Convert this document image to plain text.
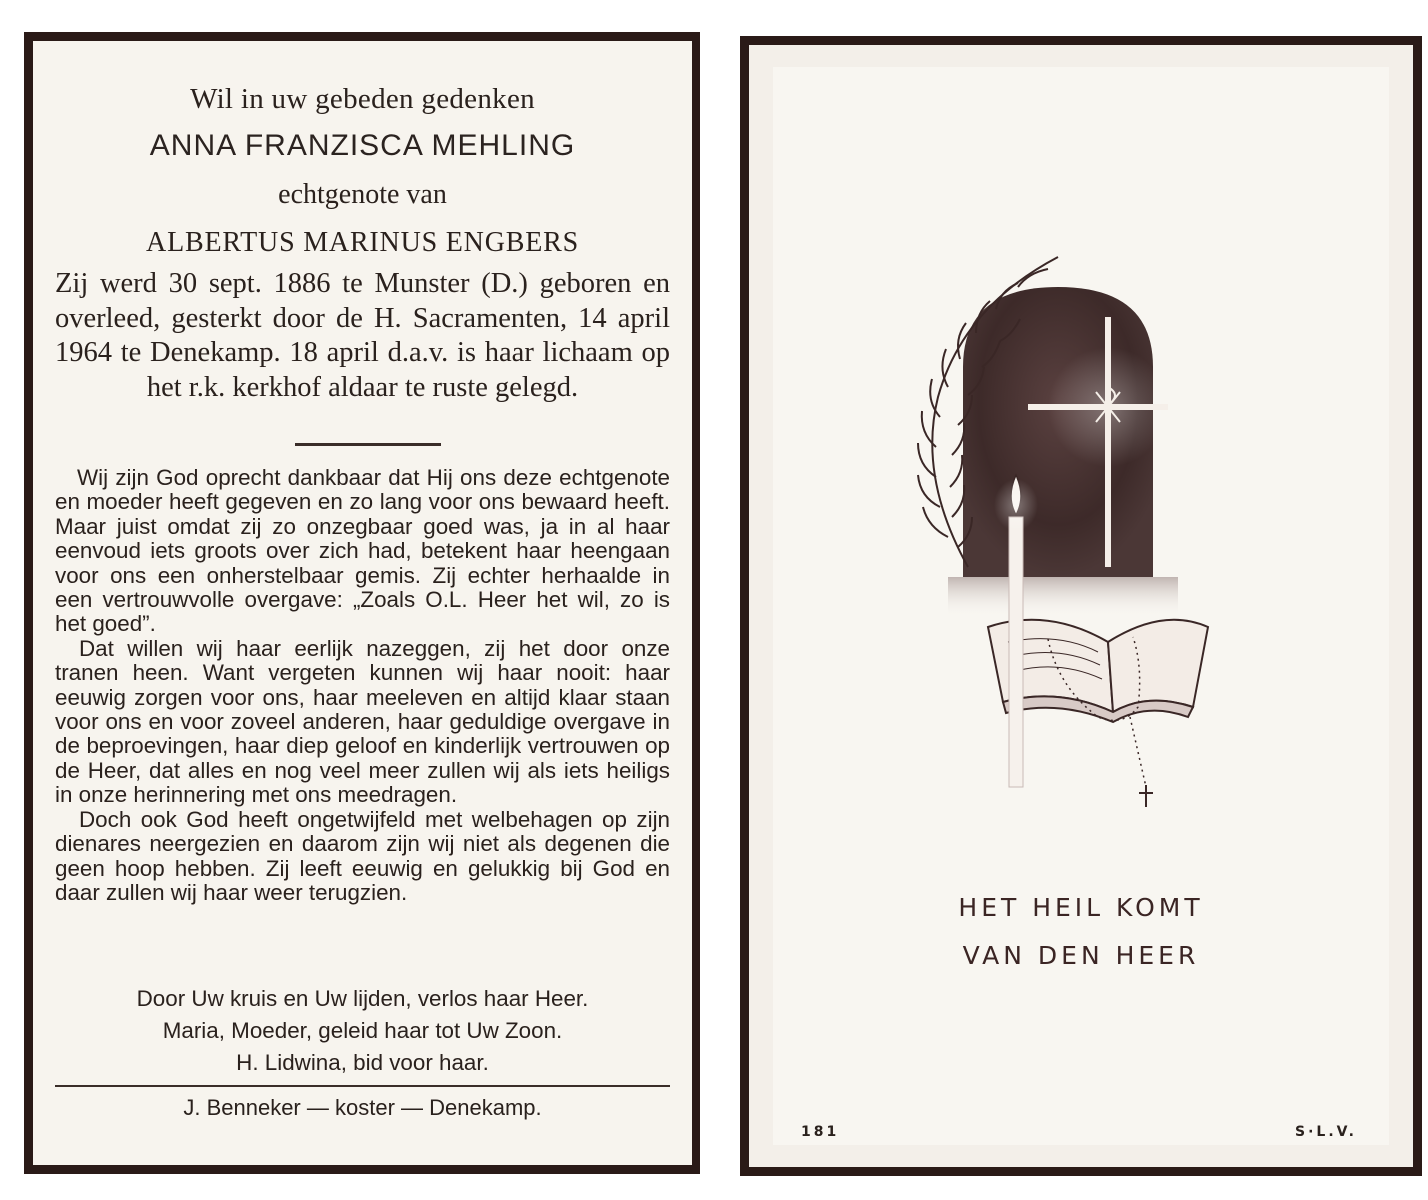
Wil in uw gebeden gedenken
ANNA FRANZISCA MEHLING
echtgenote van
ALBERTUS MARINUS ENGBERS
Zij werd 30 sept. 1886 te Munster (D.) geboren en overleed, gesterkt door de H. Sacramenten, 14 april 1964 te Denekamp. 18 april d.a.v. is haar lichaam op het r.k. kerkhof aldaar te ruste gelegd.

Wij zijn God oprecht dankbaar dat Hij ons deze echtgenote en moeder heeft gegeven en zo lang voor ons bewaard heeft. Maar juist omdat zij zo onzegbaar goed was, ja in al haar eenvoud iets groots over zich had, betekent haar heengaan voor ons een onherstelbaar gemis. Zij echter herhaalde in een vertrouwvolle overgave: „Zoals O.L. Heer het wil, zo is het goed”.

Dat willen wij haar eerlijk nazeggen, zij het door onze tranen heen. Want vergeten kunnen wij haar nooit: haar eeuwig zorgen voor ons, haar meeleven en altijd klaar staan voor ons en voor zoveel anderen, haar geduldige overgave in de beproevingen, haar diep geloof en kinderlijk vertrouwen op de Heer, dat alles en nog veel meer zullen wij als iets heiligs in onze herinnering met ons meedragen.

Doch ook God heeft ongetwijfeld met welbehagen op zijn dienares neergezien en daarom zijn wij niet als degenen die geen hoop hebben. Zij leeft eeuwig en gelukkig bij God en daar zullen wij haar weer terugzien.

Door Uw kruis en Uw lijden, verlos haar Heer.
Maria, Moeder, geleid haar tot Uw Zoon.
H. Lidwina, bid voor haar.
J. Benneker — koster — Denekamp.
HET HEIL KOMT
VAN DEN HEER
181	S·L.V.
